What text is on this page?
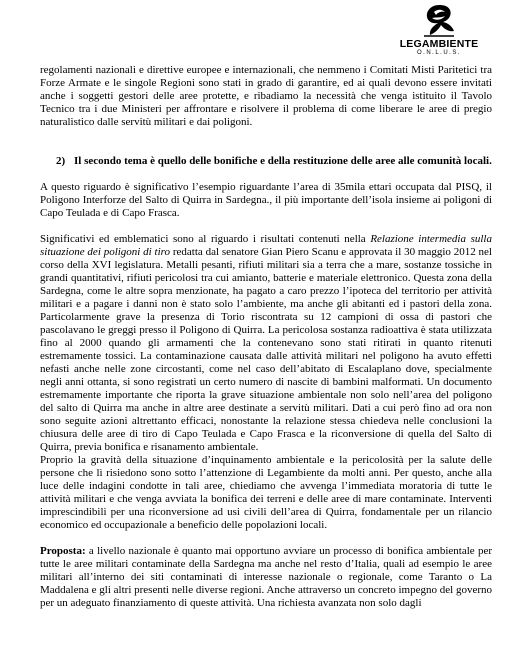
LEGAMBIENTE
O.N.L.U.S.

regolamenti nazionali e direttive europee e internazionali, che nemmeno i Comitati Misti Paritetici tra Forze Armate e le singole Regioni sono stati in grado di garantire, ed ai quali devono essere invitati anche i soggetti gestori delle aree protette, e ribadiamo la necessità che venga istituito il Tavolo Tecnico tra i due Ministeri per affrontare e risolvere il problema di come liberare le aree di pregio naturalistico dalle servitù militari e dai poligoni.

2) Il secondo tema è quello delle bonifiche e della restituzione delle aree alle comunità locali.

A questo riguardo è significativo l’esempio riguardante l’area di 35mila ettari occupata dal PISQ, il Poligono Interforze del Salto di Quirra in Sardegna., il più importante dell’isola insieme ai poligoni di Capo Teulada e di Capo Frasca.

Significativi ed emblematici sono al riguardo i risultati contenuti nella Relazione intermedia sulla situazione dei poligoni di tiro redatta dal senatore Gian Piero Scanu e approvata il 30 maggio 2012 nel corso della XVI legislatura. Metalli pesanti, rifiuti militari sia a terra che a mare, sostanze tossiche in grandi quantitativi, rifiuti pericolosi tra cui amianto, batterie e materiale elettronico. Questa zona della Sardegna, come le altre sopra menzionate, ha pagato a caro prezzo l’ipoteca del territorio per attività militari e a pagare i danni non è stato solo l’ambiente, ma anche gli abitanti ed i pastori della zona. Particolarmente grave la presenza di Torio riscontrata su 12 campioni di ossa di pastori che pascolavano le greggi presso il Poligono di Quirra. La pericolosa sostanza radioattiva è stata utilizzata fino al 2000 quando gli armamenti che la contenevano sono stati ritirati in quanto ritenuti estremamente tossici. La contaminazione causata dalle attività militari nel poligono ha avuto effetti nefasti anche nelle zone circostanti, come nel caso dell’abitato di Escalaplano dove, specialmente negli anni ottanta, si sono registrati un certo numero di nascite di bambini malformati. Un documento estremamente importante che riporta la grave situazione ambientale non solo nell’area del poligono del salto di Quirra ma anche in altre aree destinate a servitù militari. Dati a cui però fino ad ora non sono seguite azioni altrettanto efficaci, nonostante la relazione stessa chiedeva nelle conclusioni la chiusura delle aree di tiro di Capo Teulada e Capo Frasca e la riconversione di quella del Salto di Quirra, previa bonifica e risanamento ambientale.

Proprio la gravità della situazione d’inquinamento ambientale e la pericolosità per la salute delle persone che lì risiedono sono sotto l’attenzione di Legambiente da molti anni. Per questo, anche alla luce delle indagini condotte in tali aree, chiediamo che avvenga l’immediata moratoria di tutte le attività militari e che venga avviata la bonifica dei terreni e delle aree di mare contaminate. Interventi imprescindibili per una riconversione ad usi civili dell’area di Quirra, fondamentale per un rilancio economico ed occupazionale a beneficio delle popolazioni locali.

Proposta: a livello nazionale è quanto mai opportuno avviare un processo di bonifica ambientale per tutte le aree militari contaminate della Sardegna ma anche nel resto d’Italia, quali ad esempio le aree militari all’interno dei siti contaminati di interesse nazionale o regionale, come Taranto o La Maddalena e gli altri presenti nelle diverse regioni. Anche attraverso un concreto impegno del governo per un adeguato finanziamento di queste attività. Una richiesta avanzata non solo dagli
